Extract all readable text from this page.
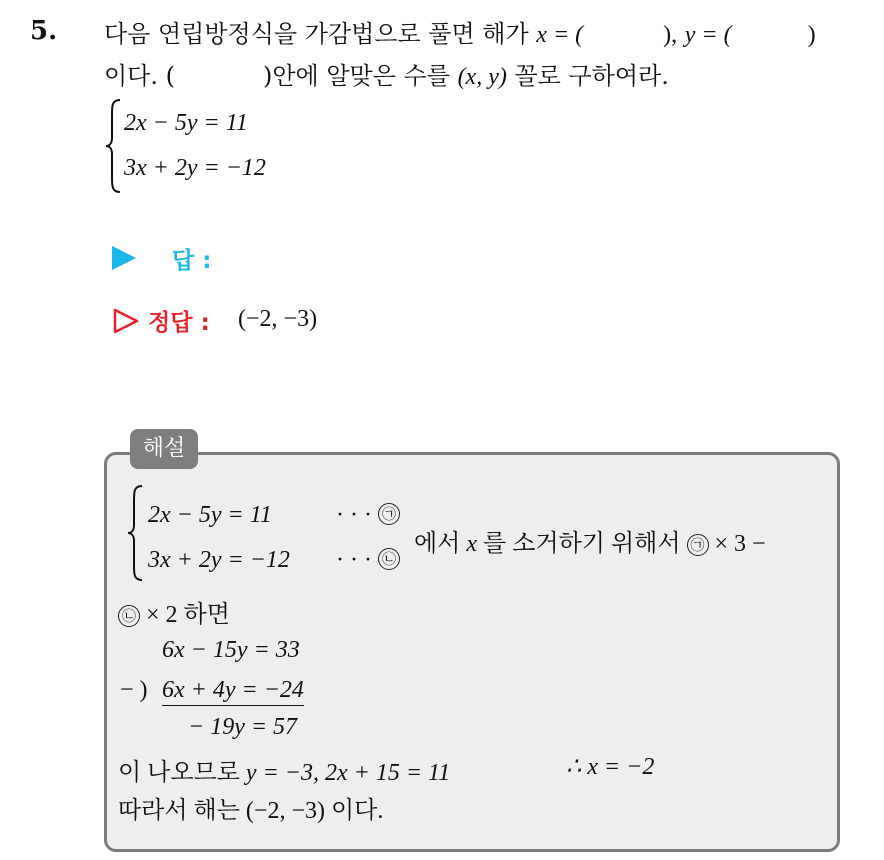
5. 다음 연립방정식을 가감법으로 풀면 해가 x = (	), y = (	)
이다. (	)안에 알맞은 수를 (x, y) 꼴로 구하여라.
2x − 5y = 11
3x + 2y = −12
답 :
정답 : (−2, −3)
해설
2x − 5y = 11	· · · ㉠
3x + 2y = −12 · · · ㉡
에서 x 를 소거하기 위해서 ㉠ × 3 −
㉡ × 2 하면
6x − 15y = 33
− ) 6x + 4y = −24
− 19y = 57
이 나오므로 y = −3, 2x + 15 = 11	∴ x = −2
따라서 해는 (−2, −3) 이다.
